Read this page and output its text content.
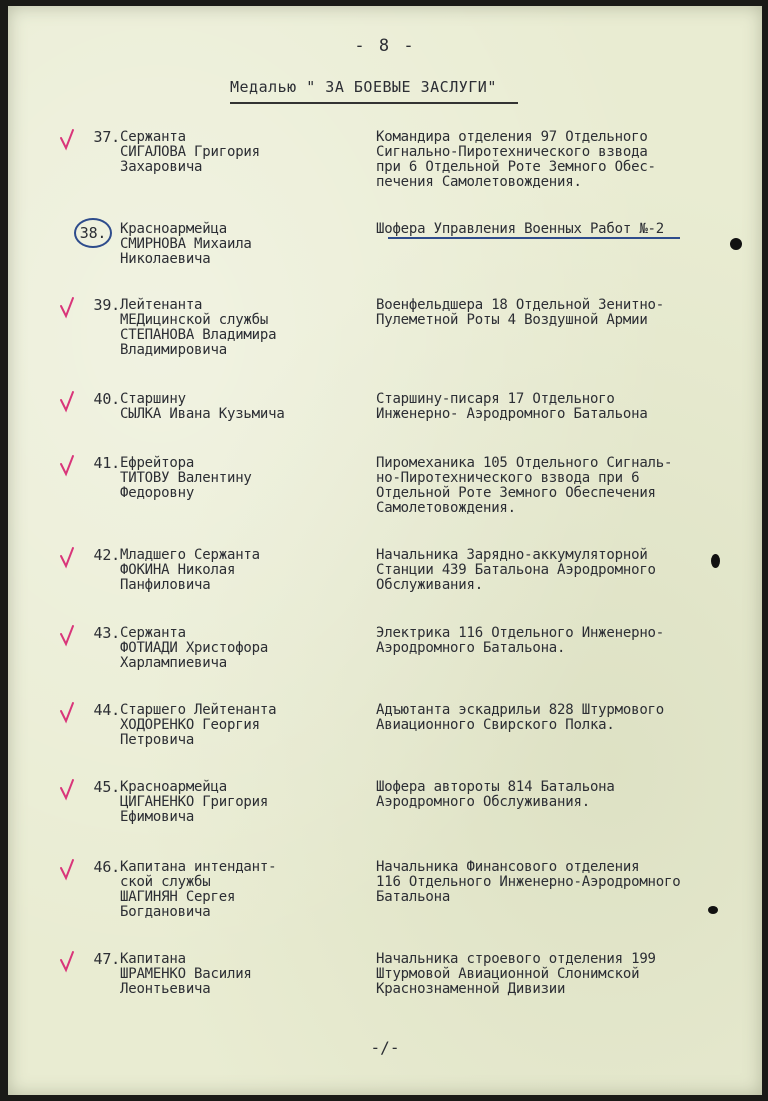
- 8 -
Медалью " ЗА БОЕВЫЕ ЗАСЛУГИ"
37. Сержанта
СИГАЛОВА Григория
Захаровича
Командира отделения 97 Отдельного
Сигнально-Пиротехнического взвода
при 6 Отдельной Роте Земного Обес-
печения Самолетовождения.
38. Красноармейца
СМИРНОВА Михаила
Николаевича
Шофера Управления Военных Работ №-2
39. Лейтенанта
МЕДицинской службы
СТЕПАНОВА Владимира
Владимировича
Военфельдшера 18 Отдельной Зенитно-
Пулеметной Роты 4 Воздушной Армии
40. Старшину
СЫЛКА Ивана Кузьмича
Старшину-писаря 17 Отдельного
Инженерно- Аэродромного Батальона
41. Ефрейтора
ТИТОВУ Валентину
Федоровну
Пиромеханика 105 Отдельного Сигналь-
но-Пиротехнического взвода при 6
Отдельной Роте Земного Обеспечения
Самолетовождения.
42. Младшего Сержанта
ФОКИНА Николая
Панфиловича
Начальника Зарядно-аккумуляторной
Станции 439 Батальона Аэродромного
Обслуживания.
43. Сержанта
ФОТИАДИ Христофора
Харлампиевича
Электрика 116 Отдельного Инженерно-
Аэродромного Батальона.
44. Старшего Лейтенанта
ХОДОРЕНКО Георгия
Петровича
Адъютанта эскадрильи 828 Штурмового
Авиационного Свирского Полка.
45. Красноармейца
ЦИГАНЕНКО Григория
Ефимовича
Шофера автороты 814 Батальона
Аэродромного Обслуживания.
46. Капитана интендант-
ской службы
ШАГИНЯН Сергея
Богдановича
Начальника Финансового отделения
116 Отдельного Инженерно-Аэродромного
Батальона
47. Капитана
ШРАМЕНКО Василия
Леонтьевича
Начальника строевого отделения 199
Штурмовой Авиационной Слонимской
Краснознаменной Дивизии
-/-
